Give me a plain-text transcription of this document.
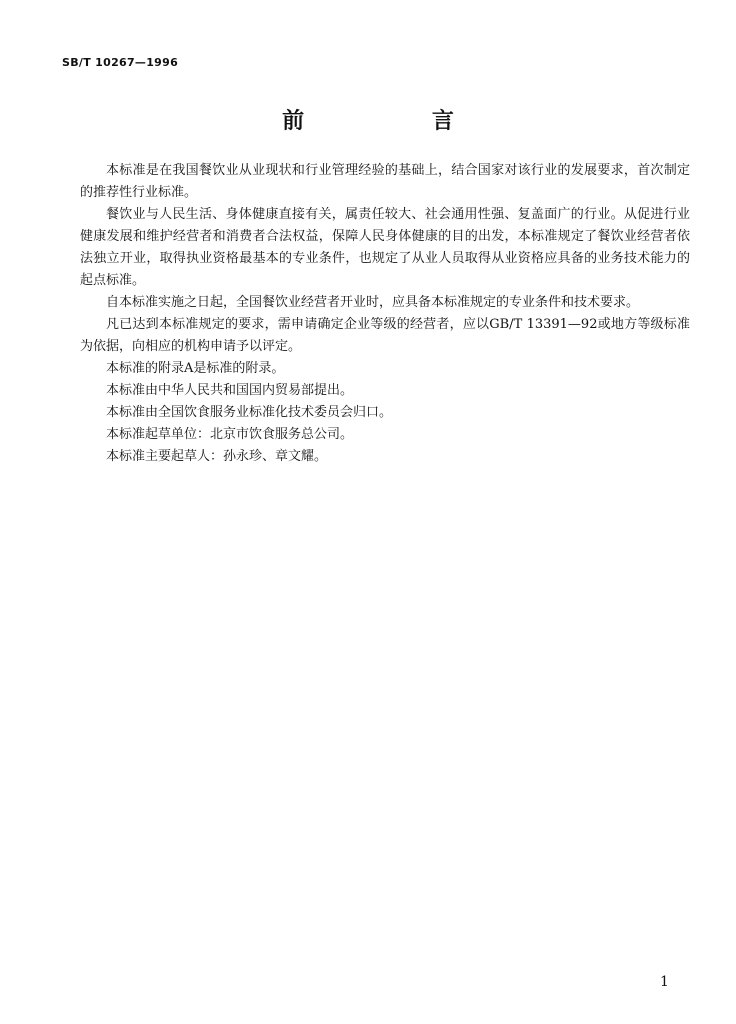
SB/T 10267—1996
前 言

本标准是在我国餐饮业从业现状和行业管理经验的基础上，结合国家对该行业的发展要求，首次制定的推荐性行业标准。

餐饮业与人民生活、身体健康直接有关，属责任较大、社会通用性强、复盖面广的行业。从促进行业健康发展和维护经营者和消费者合法权益，保障人民身体健康的目的出发，本标准规定了餐饮业经营者依法独立开业，取得执业资格最基本的专业条件，也规定了从业人员取得从业资格应具备的业务技术能力的起点标准。

自本标准实施之日起，全国餐饮业经营者开业时，应具备本标准规定的专业条件和技术要求。

凡已达到本标准规定的要求，需申请确定企业等级的经营者，应以GB/T 13391—92或地方等级标准为依据，向相应的机构申请予以评定。

本标准的附录A是标准的附录。

本标准由中华人民共和国国内贸易部提出。

本标准由全国饮食服务业标准化技术委员会归口。

本标准起草单位：北京市饮食服务总公司。

本标准主要起草人：孙永珍、章文耀。

1
